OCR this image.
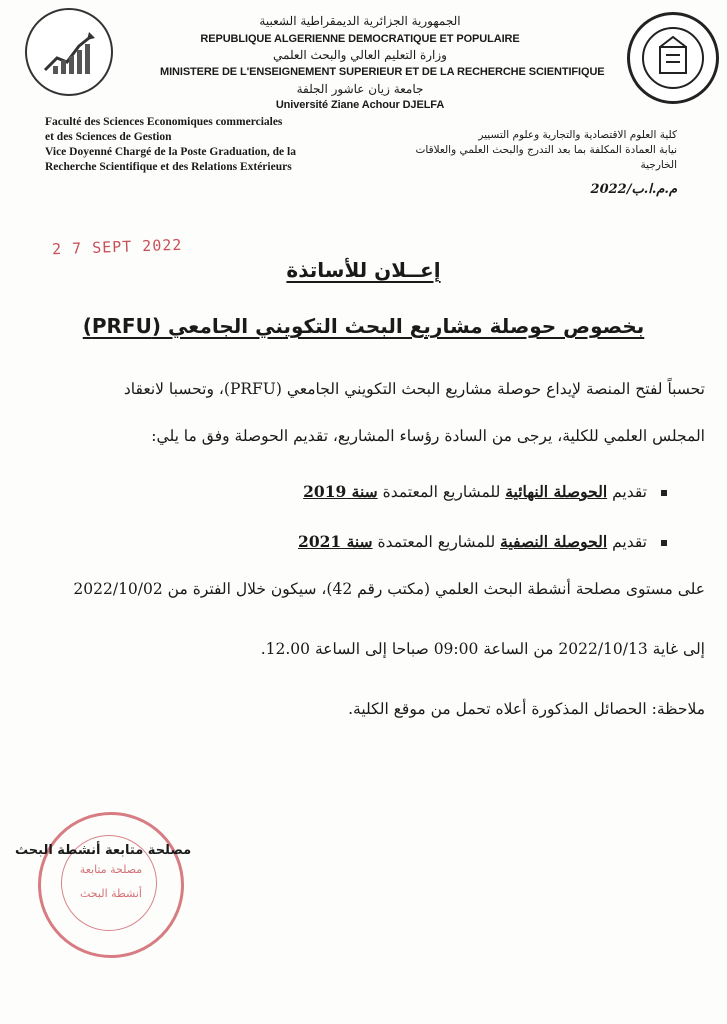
الجمهورية الجزائرية الديمقراطية الشعبية
REPUBLIQUE ALGERIENNE DEMOCRATIQUE ET POPULAIRE
وزارة التعليم العالي والبحث العلمي
MINISTERE DE L'ENSEIGNEMENT SUPERIEUR ET DE LA RECHERCHE SCIENTIFIQUE
جامعة زيان عاشور الجلفة
Université Ziane Achour DJELFA
Faculté des Sciences Economiques commerciales
et des Sciences de Gestion
Vice Doyenné Chargé de la Poste Graduation, de la
Recherche Scientifique et des Relations Extérieurs
كلية العلوم الاقتصادية والتجارية وعلوم التسيير
نيابة العمادة المكلفة بما بعد التدرج والبحث العلمي والعلاقات
الخارجية
م.م.ا.ب/2022
2 7 SEPT 2022
إعــلان للأساتذة
بخصوص حوصلة مشاريع البحث التكويني الجامعي (PRFU)
تحسباً لفتح المنصة لإيداع حوصلة مشاريع البحث التكويني الجامعي (PRFU)، وتحسبا لانعقاد
المجلس العلمي للكلية، يرجى من السادة رؤساء المشاريع، تقديم الحوصلة وفق ما يلي:
تقديم الحوصلة النهائية للمشاريع المعتمدة سنة 2019
تقديم الحوصلة النصفية للمشاريع المعتمدة سنة 2021
على مستوى مصلحة أنشطة البحث العلمي (مكتب رقم 42)، سيكون خلال الفترة من 2022/10/02
إلى غاية 2022/10/13 من الساعة 09:00 صباحا إلى الساعة 12.00.
ملاحظة: الحصائل المذكورة أعلاه تحمل من موقع الكلية.
مصلحة متابعة
أنشطة البحث
مصلحة متابعة أنشطة البحث
